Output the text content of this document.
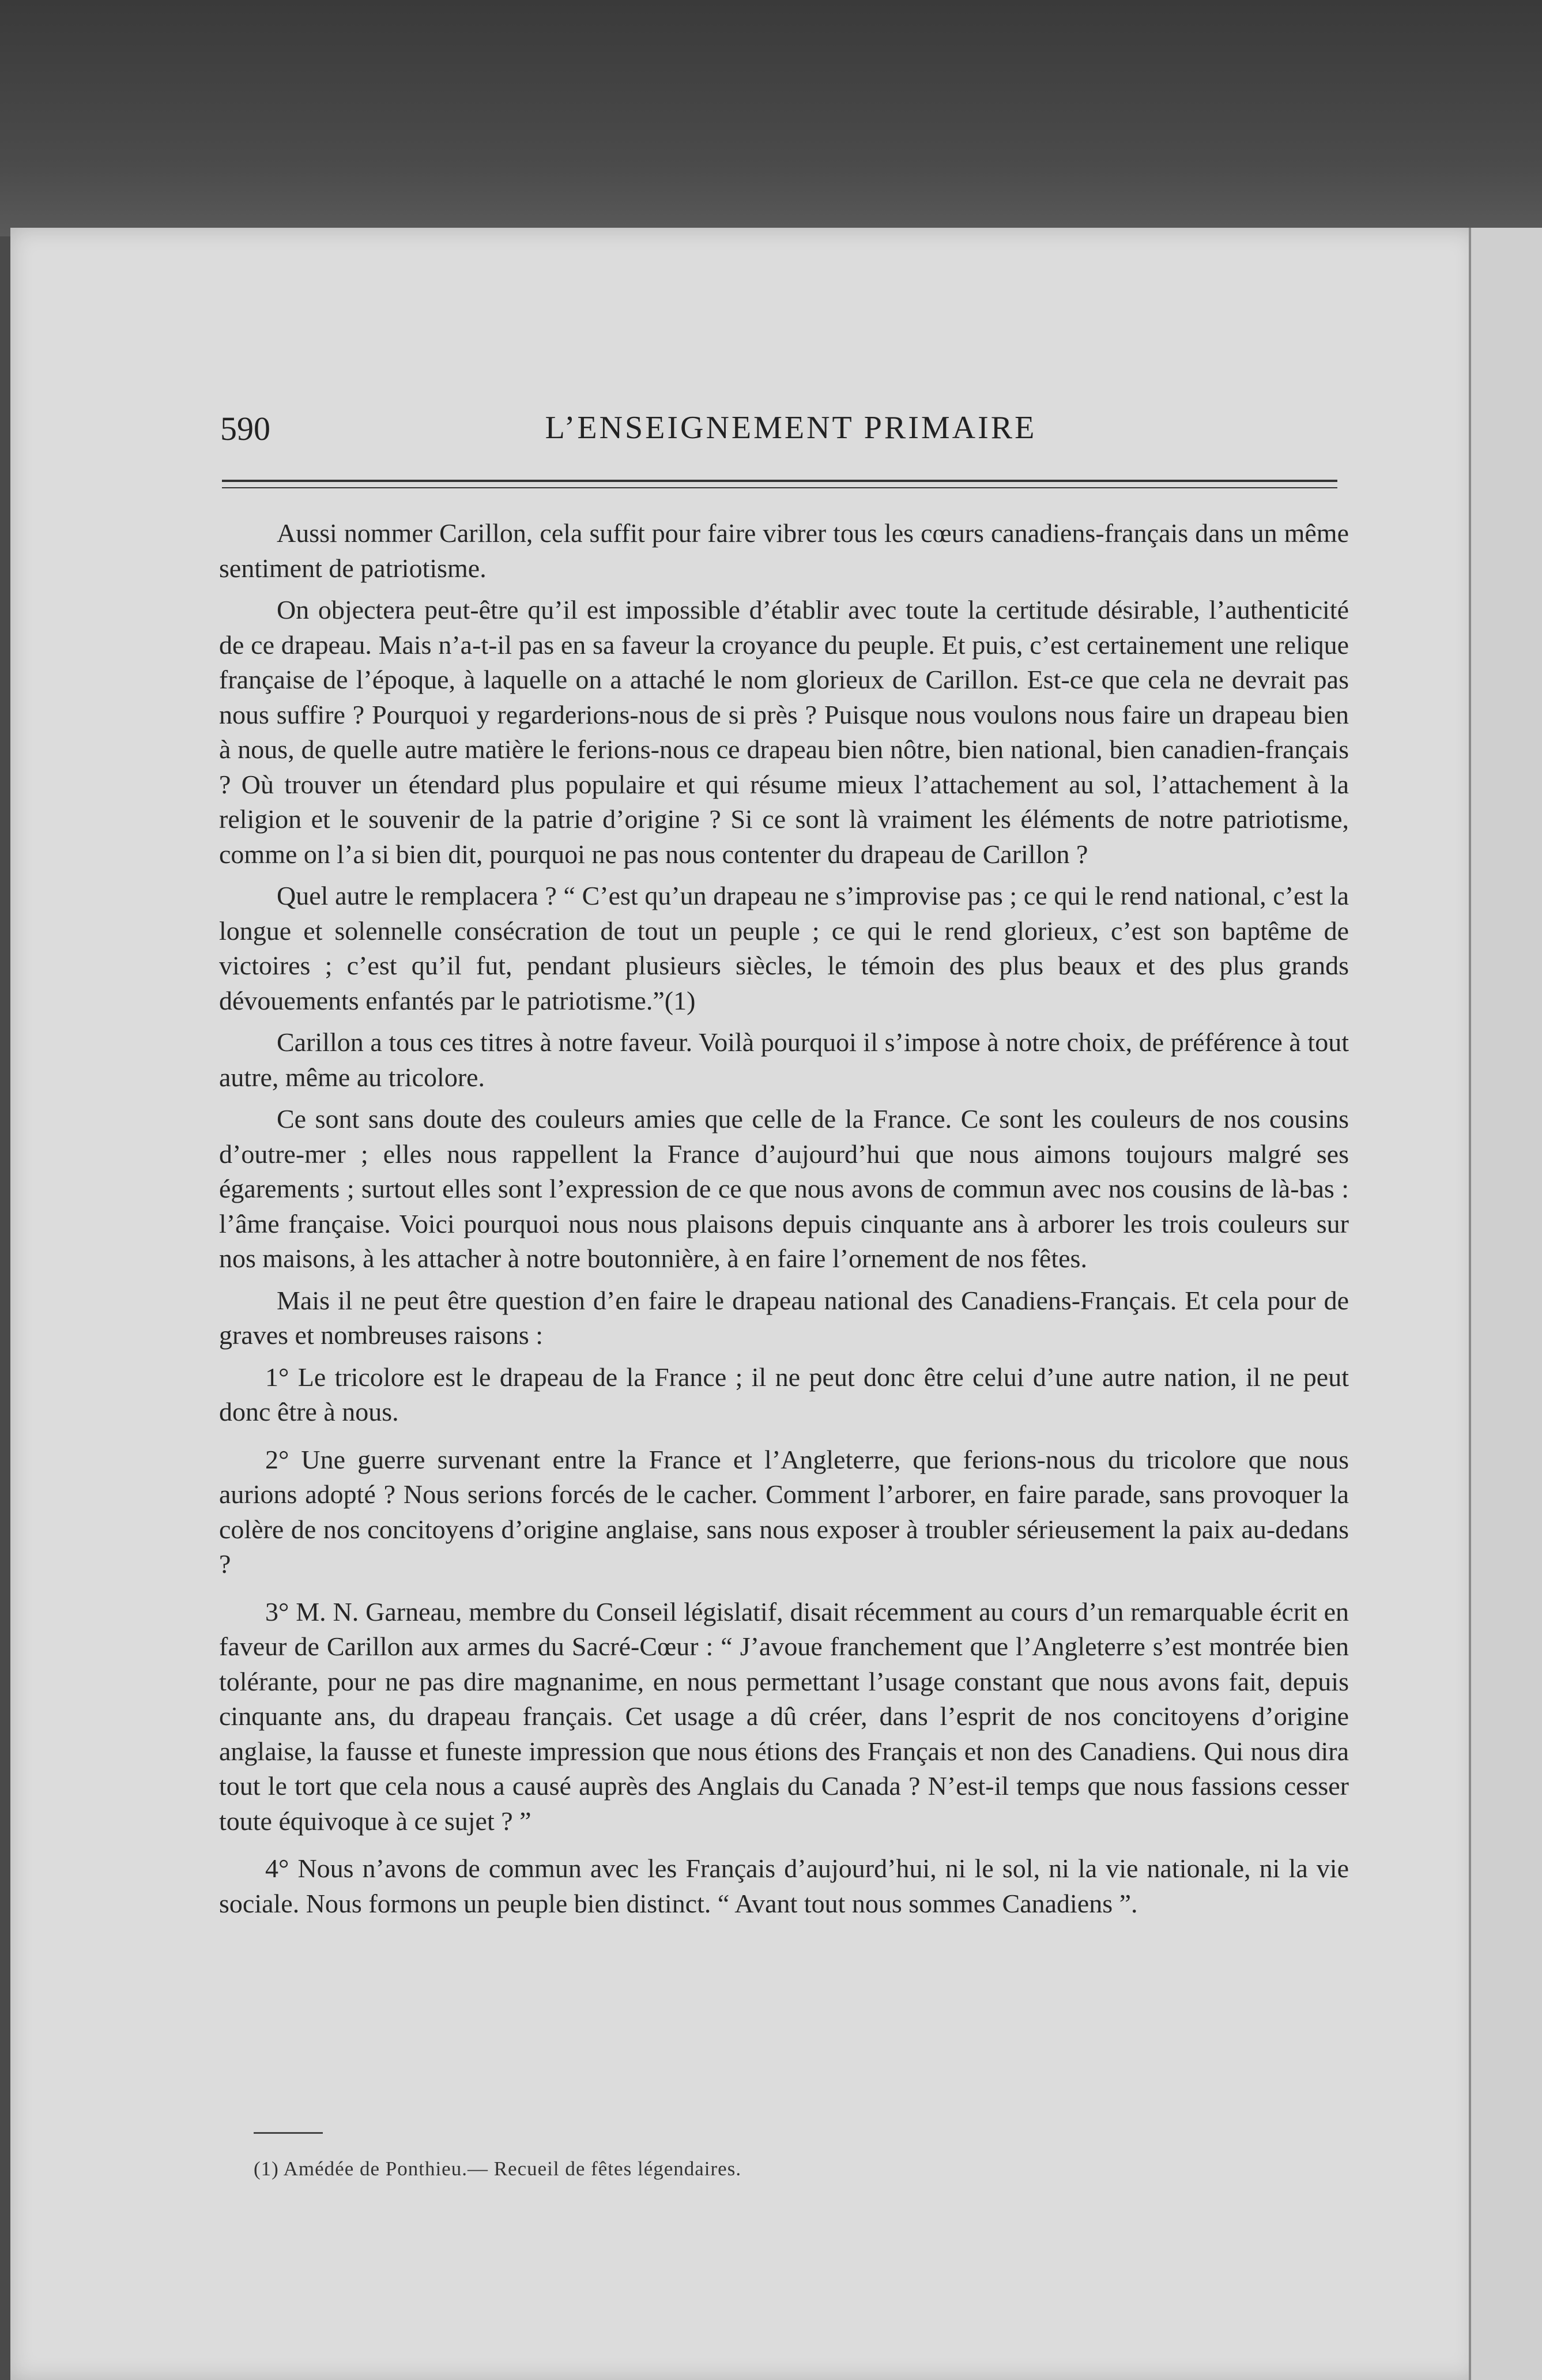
590	L’ENSEIGNEMENT PRIMAIRE

Aussi nommer Carillon, cela suffit pour faire vibrer tous les cœurs canadiens-français dans un même sentiment de patriotisme.

On objectera peut-être qu’il est impossible d’établir avec toute la certitude désirable, l’authenticité de ce drapeau. Mais n’a-t-il pas en sa faveur la croyance du peuple. Et puis, c’est certainement une relique française de l’époque, à laquelle on a attaché le nom glorieux de Carillon. Est-ce que cela ne devrait pas nous suffire ? Pourquoi y regarderions-nous de si près ? Puisque nous voulons nous faire un drapeau bien à nous, de quelle autre matière le ferions-nous ce drapeau bien nôtre, bien national, bien canadien-français ? Où trouver un étendard plus populaire et qui résume mieux l’attachement au sol, l’attachement à la religion et le souvenir de la patrie d’origine ? Si ce sont là vraiment les éléments de notre patriotisme, comme on l’a si bien dit, pourquoi ne pas nous contenter du drapeau de Carillon ?

Quel autre le remplacera ? “ C’est qu’un drapeau ne s’improvise pas ; ce qui le rend national, c’est la longue et solennelle consécration de tout un peuple ; ce qui le rend glorieux, c’est son baptême de victoires ; c’est qu’il fut, pendant plusieurs siècles, le témoin des plus beaux et des plus grands dévouements enfantés par le patriotisme.”(1)

Carillon a tous ces titres à notre faveur. Voilà pourquoi il s’impose à notre choix, de préférence à tout autre, même au tricolore.

Ce sont sans doute des couleurs amies que celle de la France. Ce sont les couleurs de nos cousins d’outre-mer ; elles nous rappellent la France d’aujourd’hui que nous aimons toujours malgré ses égarements ; surtout elles sont l’expression de ce que nous avons de commun avec nos cousins de là-bas : l’âme française. Voici pourquoi nous nous plaisons depuis cinquante ans à arborer les trois couleurs sur nos maisons, à les attacher à notre boutonnière, à en faire l’ornement de nos fêtes.

Mais il ne peut être question d’en faire le drapeau national des Canadiens-Français. Et cela pour de graves et nombreuses raisons :

1° Le tricolore est le drapeau de la France ; il ne peut donc être celui d’une autre nation, il ne peut donc être à nous.

2° Une guerre survenant entre la France et l’Angleterre, que ferions-nous du tricolore que nous aurions adopté ? Nous serions forcés de le cacher. Comment l’arborer, en faire parade, sans provoquer la colère de nos concitoyens d’origine anglaise, sans nous exposer à troubler sérieusement la paix au-dedans ?

3° M. N. Garneau, membre du Conseil législatif, disait récemment au cours d’un remarquable écrit en faveur de Carillon aux armes du Sacré-Cœur : “ J’avoue franchement que l’Angleterre s’est montrée bien tolérante, pour ne pas dire magnanime, en nous permettant l’usage constant que nous avons fait, depuis cinquante ans, du drapeau français. Cet usage a dû créer, dans l’esprit de nos concitoyens d’origine anglaise, la fausse et funeste impression que nous étions des Français et non des Canadiens. Qui nous dira tout le tort que cela nous a causé auprès des Anglais du Canada ? N’est-il temps que nous fassions cesser toute équivoque à ce sujet ? ”

4° Nous n’avons de commun avec les Français d’aujourd’hui, ni le sol, ni la vie nationale, ni la vie sociale. Nous formons un peuple bien distinct. “ Avant tout nous sommes Canadiens ”.

(1) Amédée de Ponthieu.— Recueil de fêtes légendaires.
